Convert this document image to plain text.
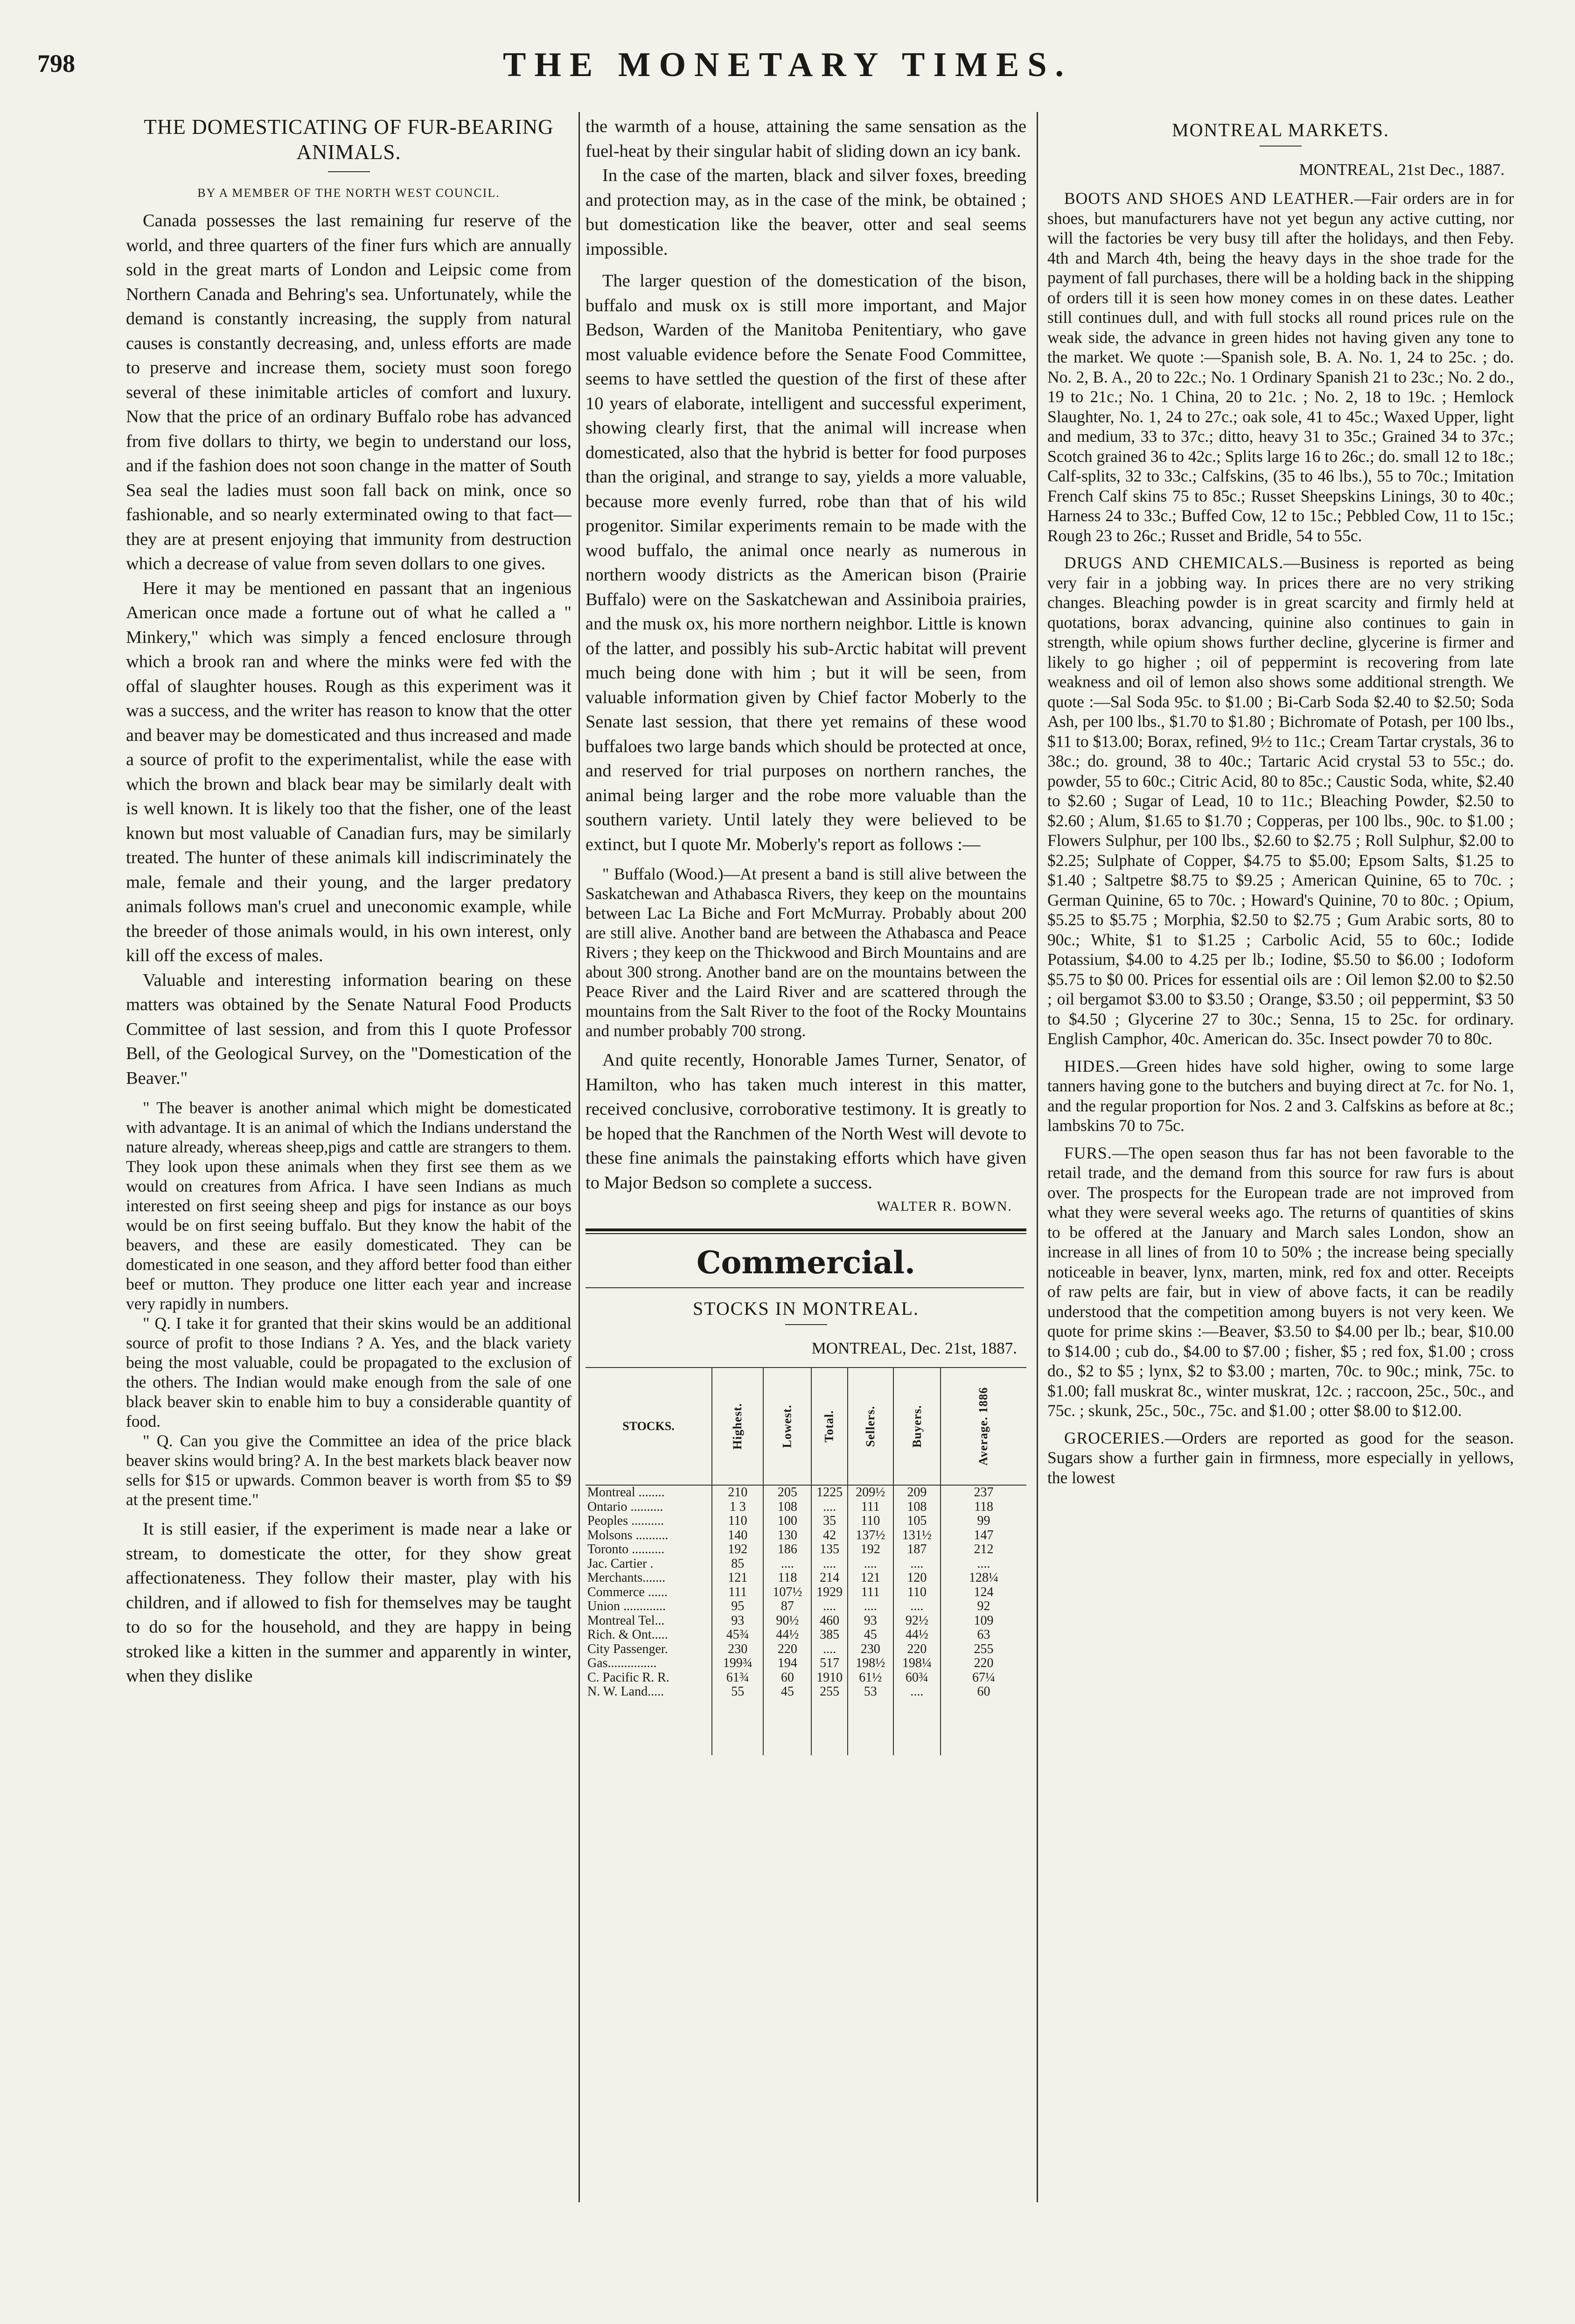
798	THE MONETARY TIMES.
THE DOMESTICATING OF FUR-BEARING ANIMALS.
BY A MEMBER OF THE NORTH WEST COUNCIL.

Canada possesses the last remaining fur reserve of the world, and three quarters of the finer furs which are annually sold in the great marts of London and Leipsic come from Northern Canada and Behring's sea. Unfortunately, while the demand is constantly increasing, the supply from natural causes is constantly decreasing, and, unless efforts are made to preserve and increase them, society must soon forego several of these inimitable articles of comfort and luxury. Now that the price of an ordinary Buffalo robe has advanced from five dollars to thirty, we begin to understand our loss, and if the fashion does not soon change in the matter of South Sea seal the ladies must soon fall back on mink, once so fashionable, and so nearly exterminated owing to that fact—they are at present enjoying that immunity from destruction which a decrease of value from seven dollars to one gives.

Here it may be mentioned en passant that an ingenious American once made a fortune out of what he called a " Minkery," which was simply a fenced enclosure through which a brook ran and where the minks were fed with the offal of slaughter houses. Rough as this experiment was it was a success, and the writer has reason to know that the otter and beaver may be domesticated and thus increased and made a source of profit to the experimentalist, while the ease with which the brown and black bear may be similarly dealt with is well known. It is likely too that the fisher, one of the least known but most valuable of Canadian furs, may be similarly treated. The hunter of these animals kill indiscriminately the male, female and their young, and the larger predatory animals follows man's cruel and uneconomic example, while the breeder of those animals would, in his own interest, only kill off the excess of males.

Valuable and interesting information bearing on these matters was obtained by the Senate Natural Food Products Committee of last session, and from this I quote Professor Bell, of the Geological Survey, on the "Domestication of the Beaver."

" The beaver is another animal which might be domesticated with advantage. It is an animal of which the Indians understand the nature already, whereas sheep,pigs and cattle are strangers to them. They look upon these animals when they first see them as we would on creatures from Africa. I have seen Indians as much interested on first seeing sheep and pigs for instance as our boys would be on first seeing buffalo. But they know the habit of the beavers, and these are easily domesticated. They can be domesticated in one season, and they afford better food than either beef or mutton. They produce one litter each year and increase very rapidly in numbers.

" Q. I take it for granted that their skins would be an additional source of profit to those Indians ? A. Yes, and the black variety being the most valuable, could be propagated to the exclusion of the others. The Indian would make enough from the sale of one black beaver skin to enable him to buy a considerable quantity of food.

" Q. Can you give the Committee an idea of the price black beaver skins would bring? A. In the best markets black beaver now sells for $15 or upwards. Common beaver is worth from $5 to $9 at the present time."

It is still easier, if the experiment is made near a lake or stream, to domesticate the otter, for they show great affectionateness. They follow their master, play with his children, and if allowed to fish for themselves may be taught to do so for the household, and they are happy in being stroked like a kitten in the summer and apparently in winter, when they dislike

the warmth of a house, attaining the same sensation as the fuel-heat by their singular habit of sliding down an icy bank.

In the case of the marten, black and silver foxes, breeding and protection may, as in the case of the mink, be obtained ; but domestication like the beaver, otter and seal seems impossible.

The larger question of the domestication of the bison, buffalo and musk ox is still more important, and Major Bedson, Warden of the Manitoba Penitentiary, who gave most valuable evidence before the Senate Food Committee, seems to have settled the question of the first of these after 10 years of elaborate, intelligent and successful experiment, showing clearly first, that the animal will increase when domesticated, also that the hybrid is better for food purposes than the original, and strange to say, yields a more valuable, because more evenly furred, robe than that of his wild progenitor. Similar experiments remain to be made with the wood buffalo, the animal once nearly as numerous in northern woody districts as the American bison (Prairie Buffalo) were on the Saskatchewan and Assiniboia prairies, and the musk ox, his more northern neighbor. Little is known of the latter, and possibly his sub-Arctic habitat will prevent much being done with him ; but it will be seen, from valuable information given by Chief factor Moberly to the Senate last session, that there yet remains of these wood buffaloes two large bands which should be protected at once, and reserved for trial purposes on northern ranches, the animal being larger and the robe more valuable than the southern variety. Until lately they were believed to be extinct, but I quote Mr. Moberly's report as follows :—

" Buffalo (Wood.)—At present a band is still alive between the Saskatchewan and Athabasca Rivers, they keep on the mountains between Lac La Biche and Fort McMurray. Probably about 200 are still alive. Another band are between the Athabasca and Peace Rivers ; they keep on the Thickwood and Birch Mountains and are about 300 strong. Another band are on the mountains between the Peace River and the Laird River and are scattered through the mountains from the Salt River to the foot of the Rocky Mountains and number probably 700 strong.

And quite recently, Honorable James Turner, Senator, of Hamilton, who has taken much interest in this matter, received conclusive, corroborative testimony. It is greatly to be hoped that the Ranchmen of the North West will devote to these fine animals the painstaking efforts which have given to Major Bedson so complete a success.

WALTER R. BOWN.
Commercial.
STOCKS IN MONTREAL.
MONTREAL, Dec. 21st, 1887.
STOCKS.	Highest.	Lowest.	Total.	Sellers.	Buyers.	Average. 1886
Montreal ........	210	205	1225	209½	209	237
Ontario ..........	1 3	108	....	111	108	118
Peoples ..........	110	100	35	110	105	99
Molsons ..........	140	130	42	137½	131½	147
Toronto ..........	192	186	135	192	187	212
Jac. Cartier .	85	....	....	....	....	....
Merchants.......	121	118	214	121	120	128¼
Commerce ......	111	107½	1929	111	110	124
Union .............	95	87	....	....	....	92
Montreal Tel...	93	90½	460	93	92½	109
Rich. & Ont.....	45¾	44½	385	45	44½	63
City Passenger.	230	220	....	230	220	255
Gas...............	199¾	194	517	198½	198¼	220
C. Pacific R. R.	61¾	60	1910	61½	60¾	67¼
N. W. Land.....	55	45	255	53	....	60

MONTREAL MARKETS.
MONTREAL, 21st Dec., 1887.

BOOTS AND SHOES AND LEATHER.—Fair orders are in for shoes, but manufacturers have not yet begun any active cutting, nor will the factories be very busy till after the holidays, and then Feby. 4th and March 4th, being the heavy days in the shoe trade for the payment of fall purchases, there will be a holding back in the shipping of orders till it is seen how money comes in on these dates. Leather still continues dull, and with full stocks all round prices rule on the weak side, the advance in green hides not having given any tone to the market. We quote :—Spanish sole, B. A. No. 1, 24 to 25c. ; do. No. 2, B. A., 20 to 22c.; No. 1 Ordinary Spanish 21 to 23c.; No. 2 do., 19 to 21c.; No. 1 China, 20 to 21c. ; No. 2, 18 to 19c. ; Hemlock Slaughter, No. 1, 24 to 27c.; oak sole, 41 to 45c.; Waxed Upper, light and medium, 33 to 37c.; ditto, heavy 31 to 35c.; Grained 34 to 37c.; Scotch grained 36 to 42c.; Splits large 16 to 26c.; do. small 12 to 18c.; Calf-splits, 32 to 33c.; Calfskins, (35 to 46 lbs.), 55 to 70c.; Imitation French Calf skins 75 to 85c.; Russet Sheepskins Linings, 30 to 40c.; Harness 24 to 33c.; Buffed Cow, 12 to 15c.; Pebbled Cow, 11 to 15c.; Rough 23 to 26c.; Russet and Bridle, 54 to 55c.

DRUGS AND CHEMICALS.—Business is reported as being very fair in a jobbing way. In prices there are no very striking changes. Bleaching powder is in great scarcity and firmly held at quotations, borax advancing, quinine also continues to gain in strength, while opium shows further decline, glycerine is firmer and likely to go higher ; oil of peppermint is recovering from late weakness and oil of lemon also shows some additional strength. We quote :—Sal Soda 95c. to $1.00 ; Bi-Carb Soda $2.40 to $2.50; Soda Ash, per 100 lbs., $1.70 to $1.80 ; Bichromate of Potash, per 100 lbs., $11 to $13.00; Borax, refined, 9½ to 11c.; Cream Tartar crystals, 36 to 38c.; do. ground, 38 to 40c.; Tartaric Acid crystal 53 to 55c.; do. powder, 55 to 60c.; Citric Acid, 80 to 85c.; Caustic Soda, white, $2.40 to $2.60 ; Sugar of Lead, 10 to 11c.; Bleaching Powder, $2.50 to $2.60 ; Alum, $1.65 to $1.70 ; Copperas, per 100 lbs., 90c. to $1.00 ; Flowers Sulphur, per 100 lbs., $2.60 to $2.75 ; Roll Sulphur, $2.00 to $2.25; Sulphate of Copper, $4.75 to $5.00; Epsom Salts, $1.25 to $1.40 ; Saltpetre $8.75 to $9.25 ; American Quinine, 65 to 70c. ; German Quinine, 65 to 70c. ; Howard's Quinine, 70 to 80c. ; Opium, $5.25 to $5.75 ; Morphia, $2.50 to $2.75 ; Gum Arabic sorts, 80 to 90c.; White, $1 to $1.25 ; Carbolic Acid, 55 to 60c.; Iodide Potassium, $4.00 to 4.25 per lb.; Iodine, $5.50 to $6.00 ; Iodoform $5.75 to $0 00. Prices for essential oils are : Oil lemon $2.00 to $2.50 ; oil bergamot $3.00 to $3.50 ; Orange, $3.50 ; oil peppermint, $3 50 to $4.50 ; Glycerine 27 to 30c.; Senna, 15 to 25c. for ordinary. English Camphor, 40c. American do. 35c. Insect powder 70 to 80c.

HIDES.—Green hides have sold higher, owing to some large tanners having gone to the butchers and buying direct at 7c. for No. 1, and the regular proportion for Nos. 2 and 3. Calfskins as before at 8c.; lambskins 70 to 75c.

FURS.—The open season thus far has not been favorable to the retail trade, and the demand from this source for raw furs is about over. The prospects for the European trade are not improved from what they were several weeks ago. The returns of quantities of skins to be offered at the January and March sales London, show an increase in all lines of from 10 to 50% ; the increase being specially noticeable in beaver, lynx, marten, mink, red fox and otter. Receipts of raw pelts are fair, but in view of above facts, it can be readily understood that the competition among buyers is not very keen. We quote for prime skins :—Beaver, $3.50 to $4.00 per lb.; bear, $10.00 to $14.00 ; cub do., $4.00 to $7.00 ; fisher, $5 ; red fox, $1.00 ; cross do., $2 to $5 ; lynx, $2 to $3.00 ; marten, 70c. to 90c.; mink, 75c. to $1.00; fall muskrat 8c., winter muskrat, 12c. ; raccoon, 25c., 50c., and 75c. ; skunk, 25c., 50c., 75c. and $1.00 ; otter $8.00 to $12.00.

GROCERIES.—Orders are reported as good for the season. Sugars show a further gain in firmness, more especially in yellows, the lowest
